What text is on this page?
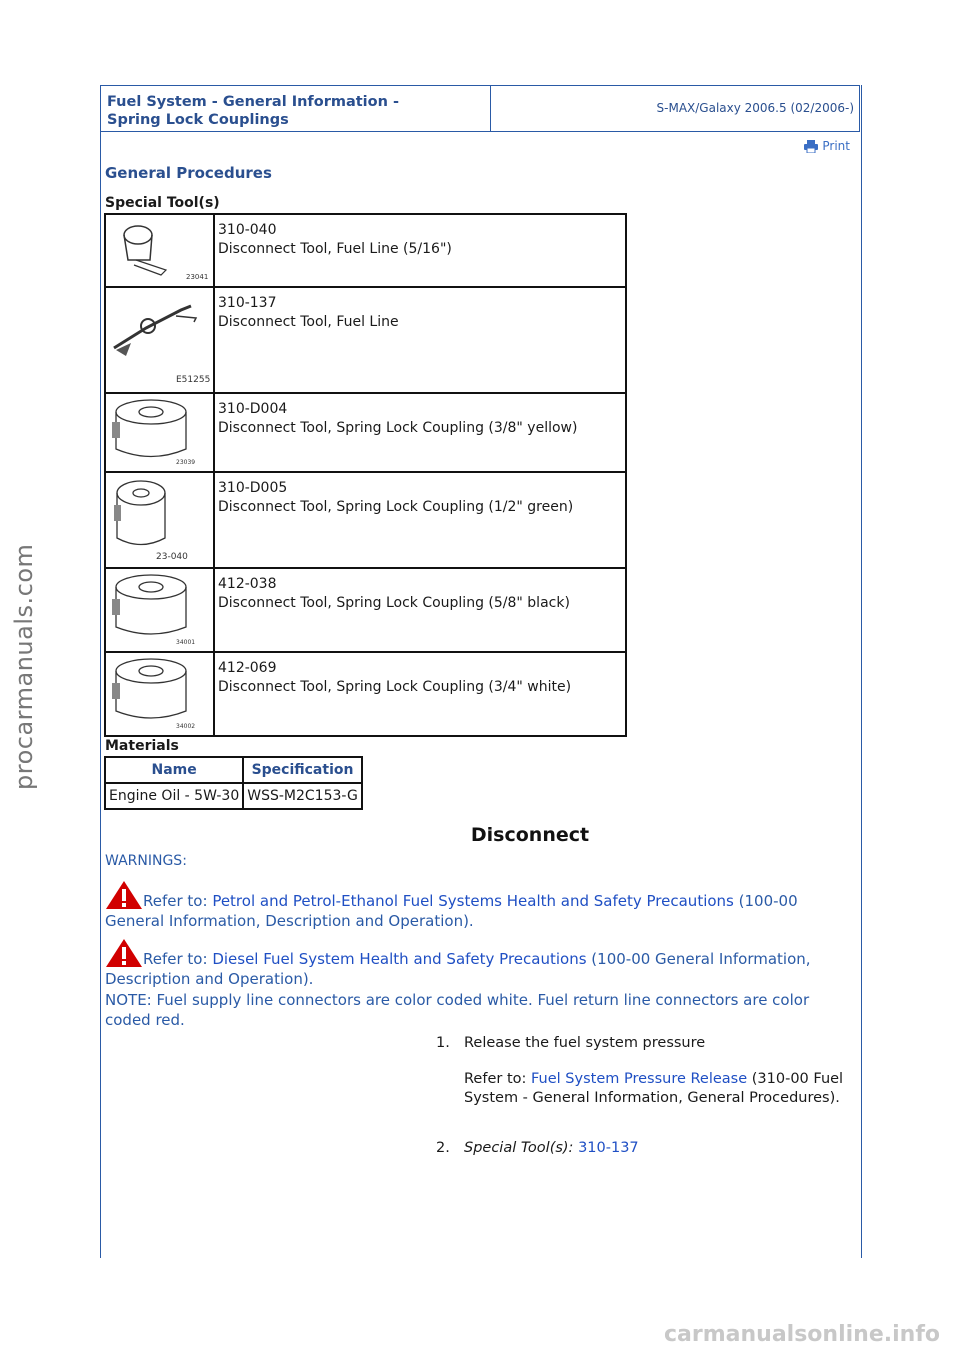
Fuel System - General Information -
Spring Lock Couplings
S-MAX/Galaxy 2006.5 (02/2006-)
Print
General Procedures
Special Tool(s)
23041	310-040
Disconnect Tool, Fuel Line (5/16")

E51255	310-137
Disconnect Tool, Fuel Line

23039	310-D004
Disconnect Tool, Spring Lock Coupling (3/8" yellow)

23-040	310-D005
Disconnect Tool, Spring Lock Coupling (1/2" green)

34001	412-038
Disconnect Tool, Spring Lock Coupling (5/8" black)

34002	412-069
Disconnect Tool, Spring Lock Coupling (3/4" white)
Materials
Name	Specification
Engine Oil - 5W-30	WSS-M2C153-G
Disconnect
WARNINGS:
Refer to: Petrol and Petrol-Ethanol Fuel Systems Health and Safety Precautions (100-00 General Information, Description and Operation).
Refer to: Diesel Fuel System Health and Safety Precautions (100-00 General Information, Description and Operation).
NOTE: Fuel supply line connectors are color coded white. Fuel return line connectors are color coded red.
1. Release the fuel system pressure
Refer to: Fuel System Pressure Release (310-00 Fuel System - General Information, General Procedures).
2. Special Tool(s): 310-137
procarmanuals.com
carmanualsonline.info
